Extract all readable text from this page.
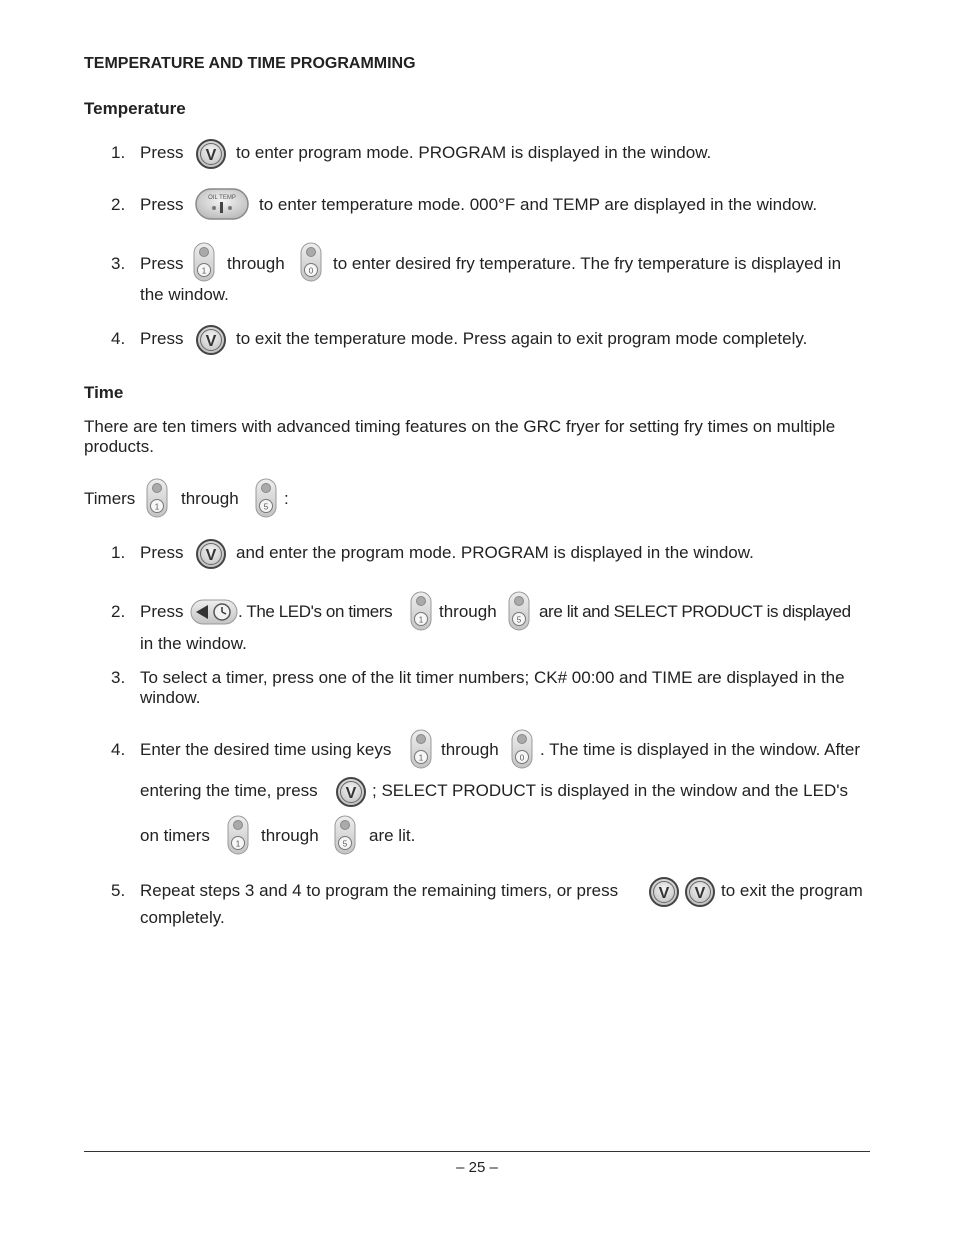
TEMPERATURE AND TIME PROGRAMMING
Temperature
1. Press V to enter program mode. PROGRAM is displayed in the window.
2. Press	OIL TEMP to enter temperature mode. 000°F and TEMP are displayed in the window.
3. Press 1 through	0 to enter desired fry temperature. The fry temperature is displayed in
the window.
4. Press V to exit the temperature mode. Press again to exit program mode completely.
Time
There are ten timers with advanced timing features on the GRC fryer for setting fry times on multiple
products.
Timers 1 through	5 :
1. Press V and enter the program mode. PROGRAM is displayed in the window.
2. Press	. The LED's on timers	1 through	5 are lit and SELECT PRODUCT is displayed
in the window.
3. To select a timer, press one of the lit timer numbers; CK# 00:00 and TIME are displayed in the
window.
4. Enter the desired time using keys	1 through	0 . The time is displayed in the window. After
entering the time, press V ; SELECT PRODUCT is displayed in the window and the LED's
on timers	1 through	5 are lit.
5. Repeat steps 3 and 4 to program the remaining timers, or press	V V to exit the program
completely.
– 25 –
